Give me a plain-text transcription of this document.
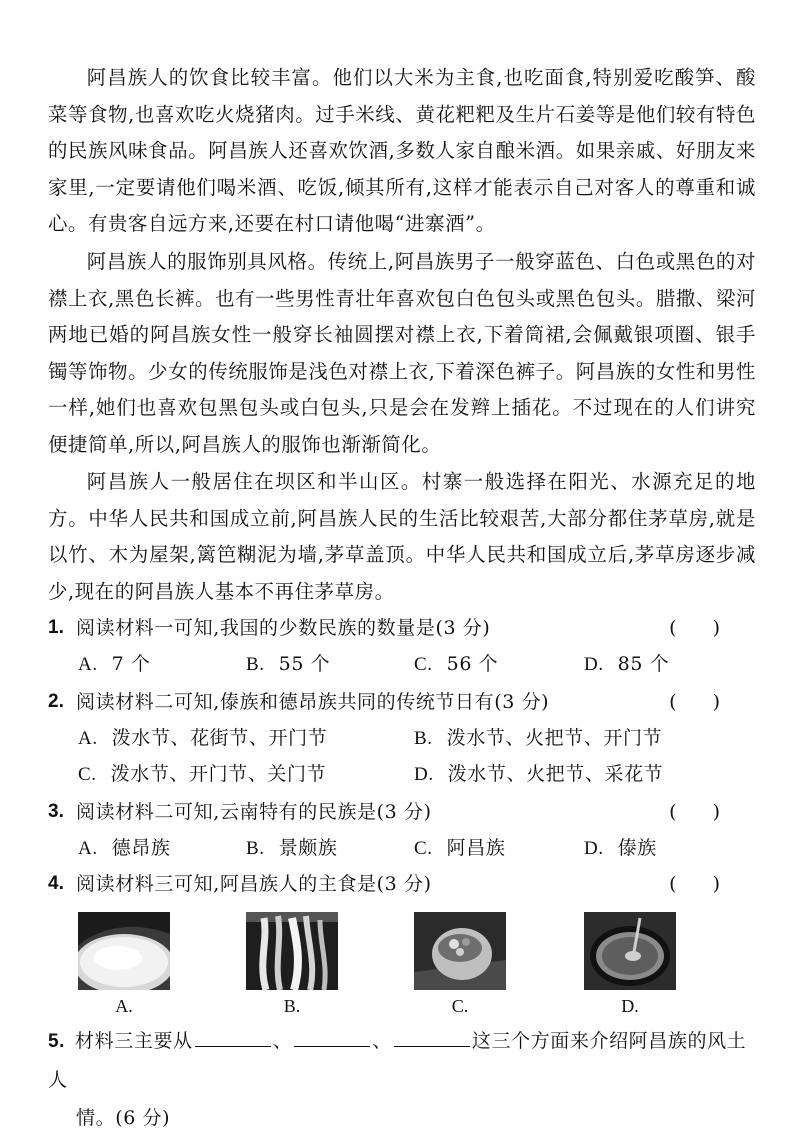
阿昌族人的饮食比较丰富。他们以大米为主食,也吃面食,特别爱吃酸笋、酸菜等食物,也喜欢吃火烧猪肉。过手米线、黄花粑粑及生片石姜等是他们较有特色的民族风味食品。阿昌族人还喜欢饮酒,多数人家自酿米酒。如果亲戚、好朋友来家里,一定要请他们喝米酒、吃饭,倾其所有,这样才能表示自己对客人的尊重和诚心。有贵客自远方来,还要在村口请他喝“进寨酒”。

阿昌族人的服饰别具风格。传统上,阿昌族男子一般穿蓝色、白色或黑色的对襟上衣,黑色长裤。也有一些男性青壮年喜欢包白色包头或黑色包头。腊撒、梁河两地已婚的阿昌族女性一般穿长袖圆摆对襟上衣,下着筒裙,会佩戴银项圈、银手镯等饰物。少女的传统服饰是浅色对襟上衣,下着深色裤子。阿昌族的女性和男性一样,她们也喜欢包黑包头或白包头,只是会在发辫上插花。不过现在的人们讲究便捷简单,所以,阿昌族人的服饰也渐渐简化。

阿昌族人一般居住在坝区和半山区。村寨一般选择在阳光、水源充足的地方。中华人民共和国成立前,阿昌族人民的生活比较艰苦,大部分都住茅草房,就是以竹、木为屋架,篱笆糊泥为墙,茅草盖顶。中华人民共和国成立后,茅草房逐步减少,现在的阿昌族人基本不再住茅草房。

1. 阅读材料一可知,我国的少数民族的数量是(3 分)	()
A. 7 个	B. 55 个	C. 56 个	D. 85 个
2. 阅读材料二可知,傣族和德昂族共同的传统节日有(3 分)	()
A. 泼水节、花街节、开门节	B. 泼水节、火把节、开门节
C. 泼水节、开门节、关门节	D. 泼水节、火把节、采花节
3. 阅读材料二可知,云南特有的民族是(3 分)	()
A. 德昂族	B. 景颇族	C. 阿昌族	D. 傣族
4. 阅读材料三可知,阿昌族人的主食是(3 分)	()
A.	B.	C.	D.
5. 材料三主要从	、	、	这三个方面来介绍阿昌族的风土人
情。(6 分)
